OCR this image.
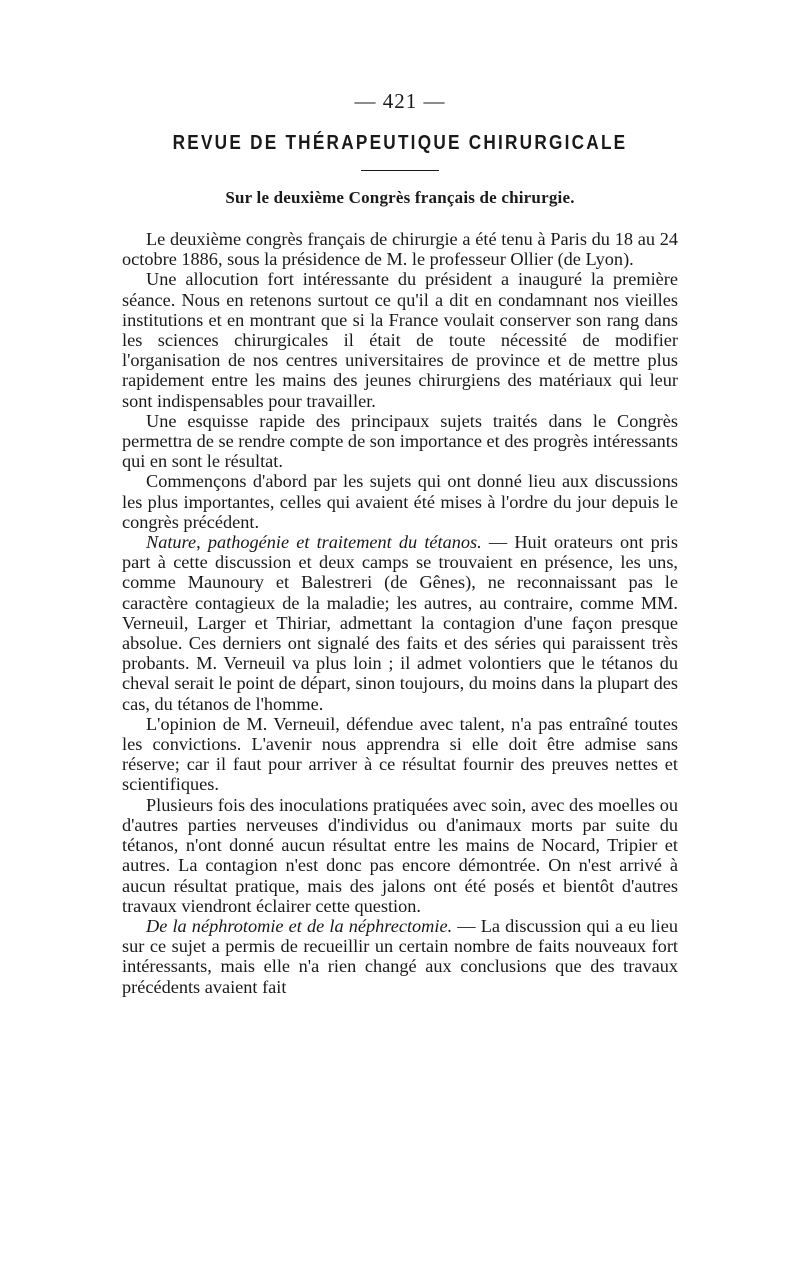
— 421 —
REVUE DE THÉRAPEUTIQUE CHIRURGICALE
Sur le deuxième Congrès français de chirurgie.

Le deuxième congrès français de chirurgie a été tenu à Paris du 18 au 24 octobre 1886, sous la présidence de M. le professeur Ollier (de Lyon).

Une allocution fort intéressante du président a inauguré la première séance. Nous en retenons surtout ce qu'il a dit en condamnant nos vieilles institutions et en montrant que si la France voulait conserver son rang dans les sciences chirurgicales il était de toute nécessité de modifier l'organisation de nos centres universitaires de province et de mettre plus rapidement entre les mains des jeunes chirurgiens des matériaux qui leur sont indispensables pour travailler.

Une esquisse rapide des principaux sujets traités dans le Congrès permettra de se rendre compte de son importance et des progrès intéressants qui en sont le résultat.

Commençons d'abord par les sujets qui ont donné lieu aux discussions les plus importantes, celles qui avaient été mises à l'ordre du jour depuis le congrès précédent.

Nature, pathogénie et traitement du tétanos. — Huit orateurs ont pris part à cette discussion et deux camps se trouvaient en présence, les uns, comme Maunoury et Balestreri (de Gênes), ne reconnaissant pas le caractère contagieux de la maladie; les autres, au contraire, comme MM. Verneuil, Larger et Thiriar, admettant la contagion d'une façon presque absolue. Ces derniers ont signalé des faits et des séries qui paraissent très probants. M. Verneuil va plus loin ; il admet volontiers que le tétanos du cheval serait le point de départ, sinon toujours, du moins dans la plupart des cas, du tétanos de l'homme.

L'opinion de M. Verneuil, défendue avec talent, n'a pas entraîné toutes les convictions. L'avenir nous apprendra si elle doit être admise sans réserve; car il faut pour arriver à ce résultat fournir des preuves nettes et scientifiques.

Plusieurs fois des inoculations pratiquées avec soin, avec des moelles ou d'autres parties nerveuses d'individus ou d'animaux morts par suite du tétanos, n'ont donné aucun résultat entre les mains de Nocard, Tripier et autres. La contagion n'est donc pas encore démontrée. On n'est arrivé à aucun résultat pratique, mais des jalons ont été posés et bientôt d'autres travaux viendront éclairer cette question.

De la néphrotomie et de la néphrectomie. — La discussion qui a eu lieu sur ce sujet a permis de recueillir un certain nombre de faits nouveaux fort intéressants, mais elle n'a rien changé aux conclusions que des travaux précédents avaient fait
